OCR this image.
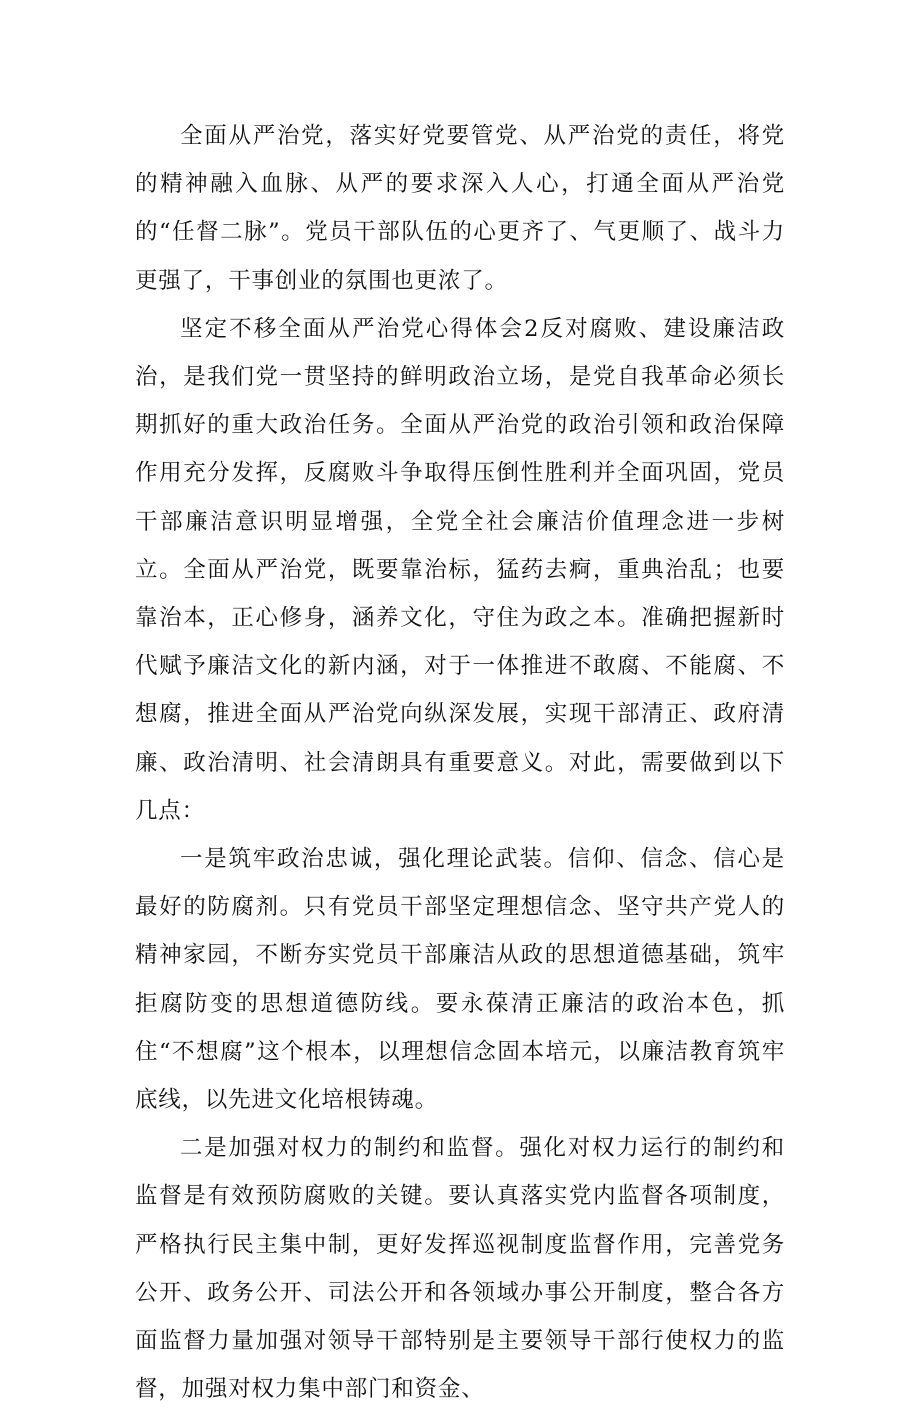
全面从严治党，落实好党要管党、从严治党的责任，将党的精神融入血脉、从严的要求深入人心，打通全面从严治党的“任督二脉”。党员干部队伍的心更齐了、气更顺了、战斗力更强了，干事创业的氛围也更浓了。

坚定不移全面从严治党心得体会2反对腐败、建设廉洁政治，是我们党一贯坚持的鲜明政治立场，是党自我革命必须长期抓好的重大政治任务。全面从严治党的政治引领和政治保障作用充分发挥，反腐败斗争取得压倒性胜利并全面巩固，党员干部廉洁意识明显增强，全党全社会廉洁价值理念进一步树立。全面从严治党，既要靠治标，猛药去痾，重典治乱；也要靠治本，正心修身，涵养文化，守住为政之本。准确把握新时代赋予廉洁文化的新内涵，对于一体推进不敢腐、不能腐、不想腐，推进全面从严治党向纵深发展，实现干部清正、政府清廉、政治清明、社会清朗具有重要意义。对此，需要做到以下几点：

一是筑牢政治忠诚，强化理论武装。信仰、信念、信心是最好的防腐剂。只有党员干部坚定理想信念、坚守共产党人的精神家园，不断夯实党员干部廉洁从政的思想道德基础，筑牢拒腐防变的思想道德防线。要永葆清正廉洁的政治本色，抓住“不想腐”这个根本，以理想信念固本培元，以廉洁教育筑牢底线，以先进文化培根铸魂。

二是加强对权力的制约和监督。强化对权力运行的制约和监督是有效预防腐败的关键。要认真落实党内监督各项制度，严格执行民主集中制，更好发挥巡视制度监督作用，完善党务公开、政务公开、司法公开和各领域办事公开制度，整合各方面监督力量加强对领导干部特别是主要领导干部行使权力的监督，加强对权力集中部门和资金、
